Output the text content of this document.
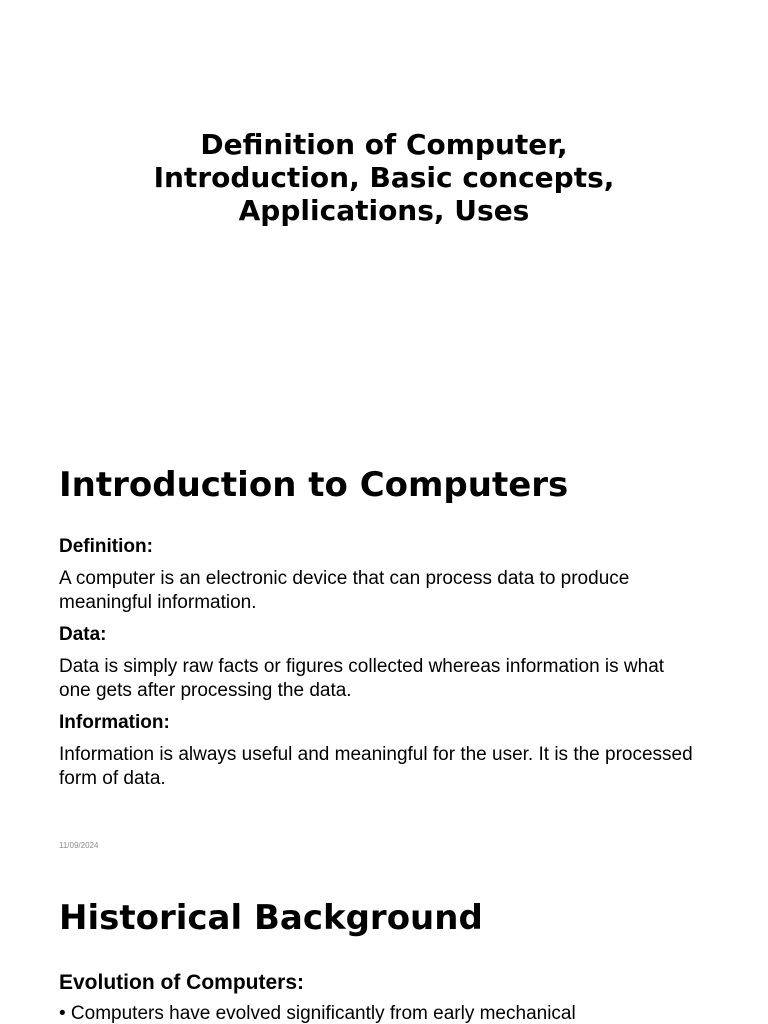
Definition of Computer,
Introduction, Basic concepts,
Applications, Uses
Introduction to Computers

Definition:

A computer is an electronic device that can process data to produce meaningful information.

Data:

Data is simply raw facts or figures collected whereas information is what one gets after processing the data.

Information:

Information is always useful and meaningful for the user. It is the processed form of data.

11/09/2024
Historical Background

Evolution of Computers:

• Computers have evolved significantly from early mechanical
